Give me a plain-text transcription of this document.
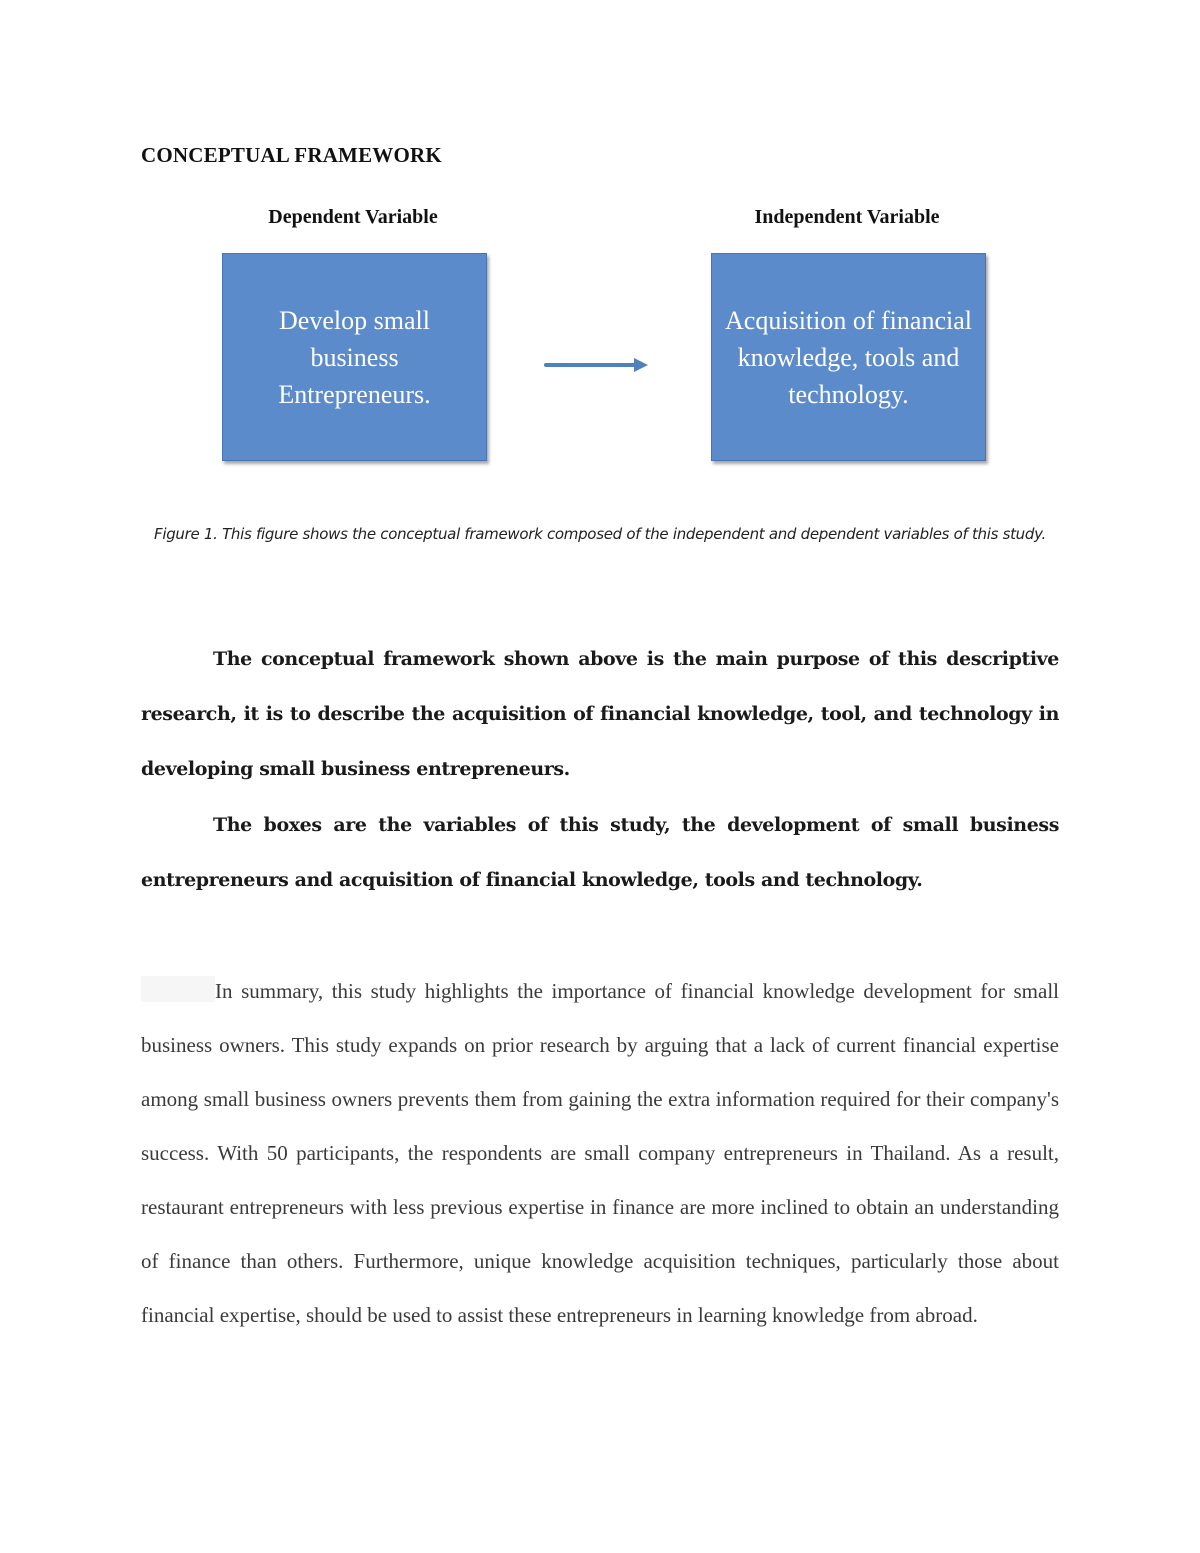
CONCEPTUAL FRAMEWORK
Dependent Variable	Independent Variable
Develop small business Entrepreneurs.
Acquisition of financial knowledge, tools and technology.
Figure 1. This figure shows the conceptual framework composed of the independent and dependent variables of this study.
The conceptual framework shown above is the main purpose of this descriptive research, it is to describe the acquisition of financial knowledge, tool, and technology in developing small business entrepreneurs.
The boxes are the variables of this study, the development of small business entrepreneurs and acquisition of financial knowledge, tools and technology.
In summary, this study highlights the importance of financial knowledge development for small business owners. This study expands on prior research by arguing that a lack of current financial expertise among small business owners prevents them from gaining the extra information required for their company's success. With 50 participants, the respondents are small company entrepreneurs in Thailand. As a result, restaurant entrepreneurs with less previous expertise in finance are more inclined to obtain an understanding of finance than others. Furthermore, unique knowledge acquisition techniques, particularly those about financial expertise, should be used to assist these entrepreneurs in learning knowledge from abroad.
